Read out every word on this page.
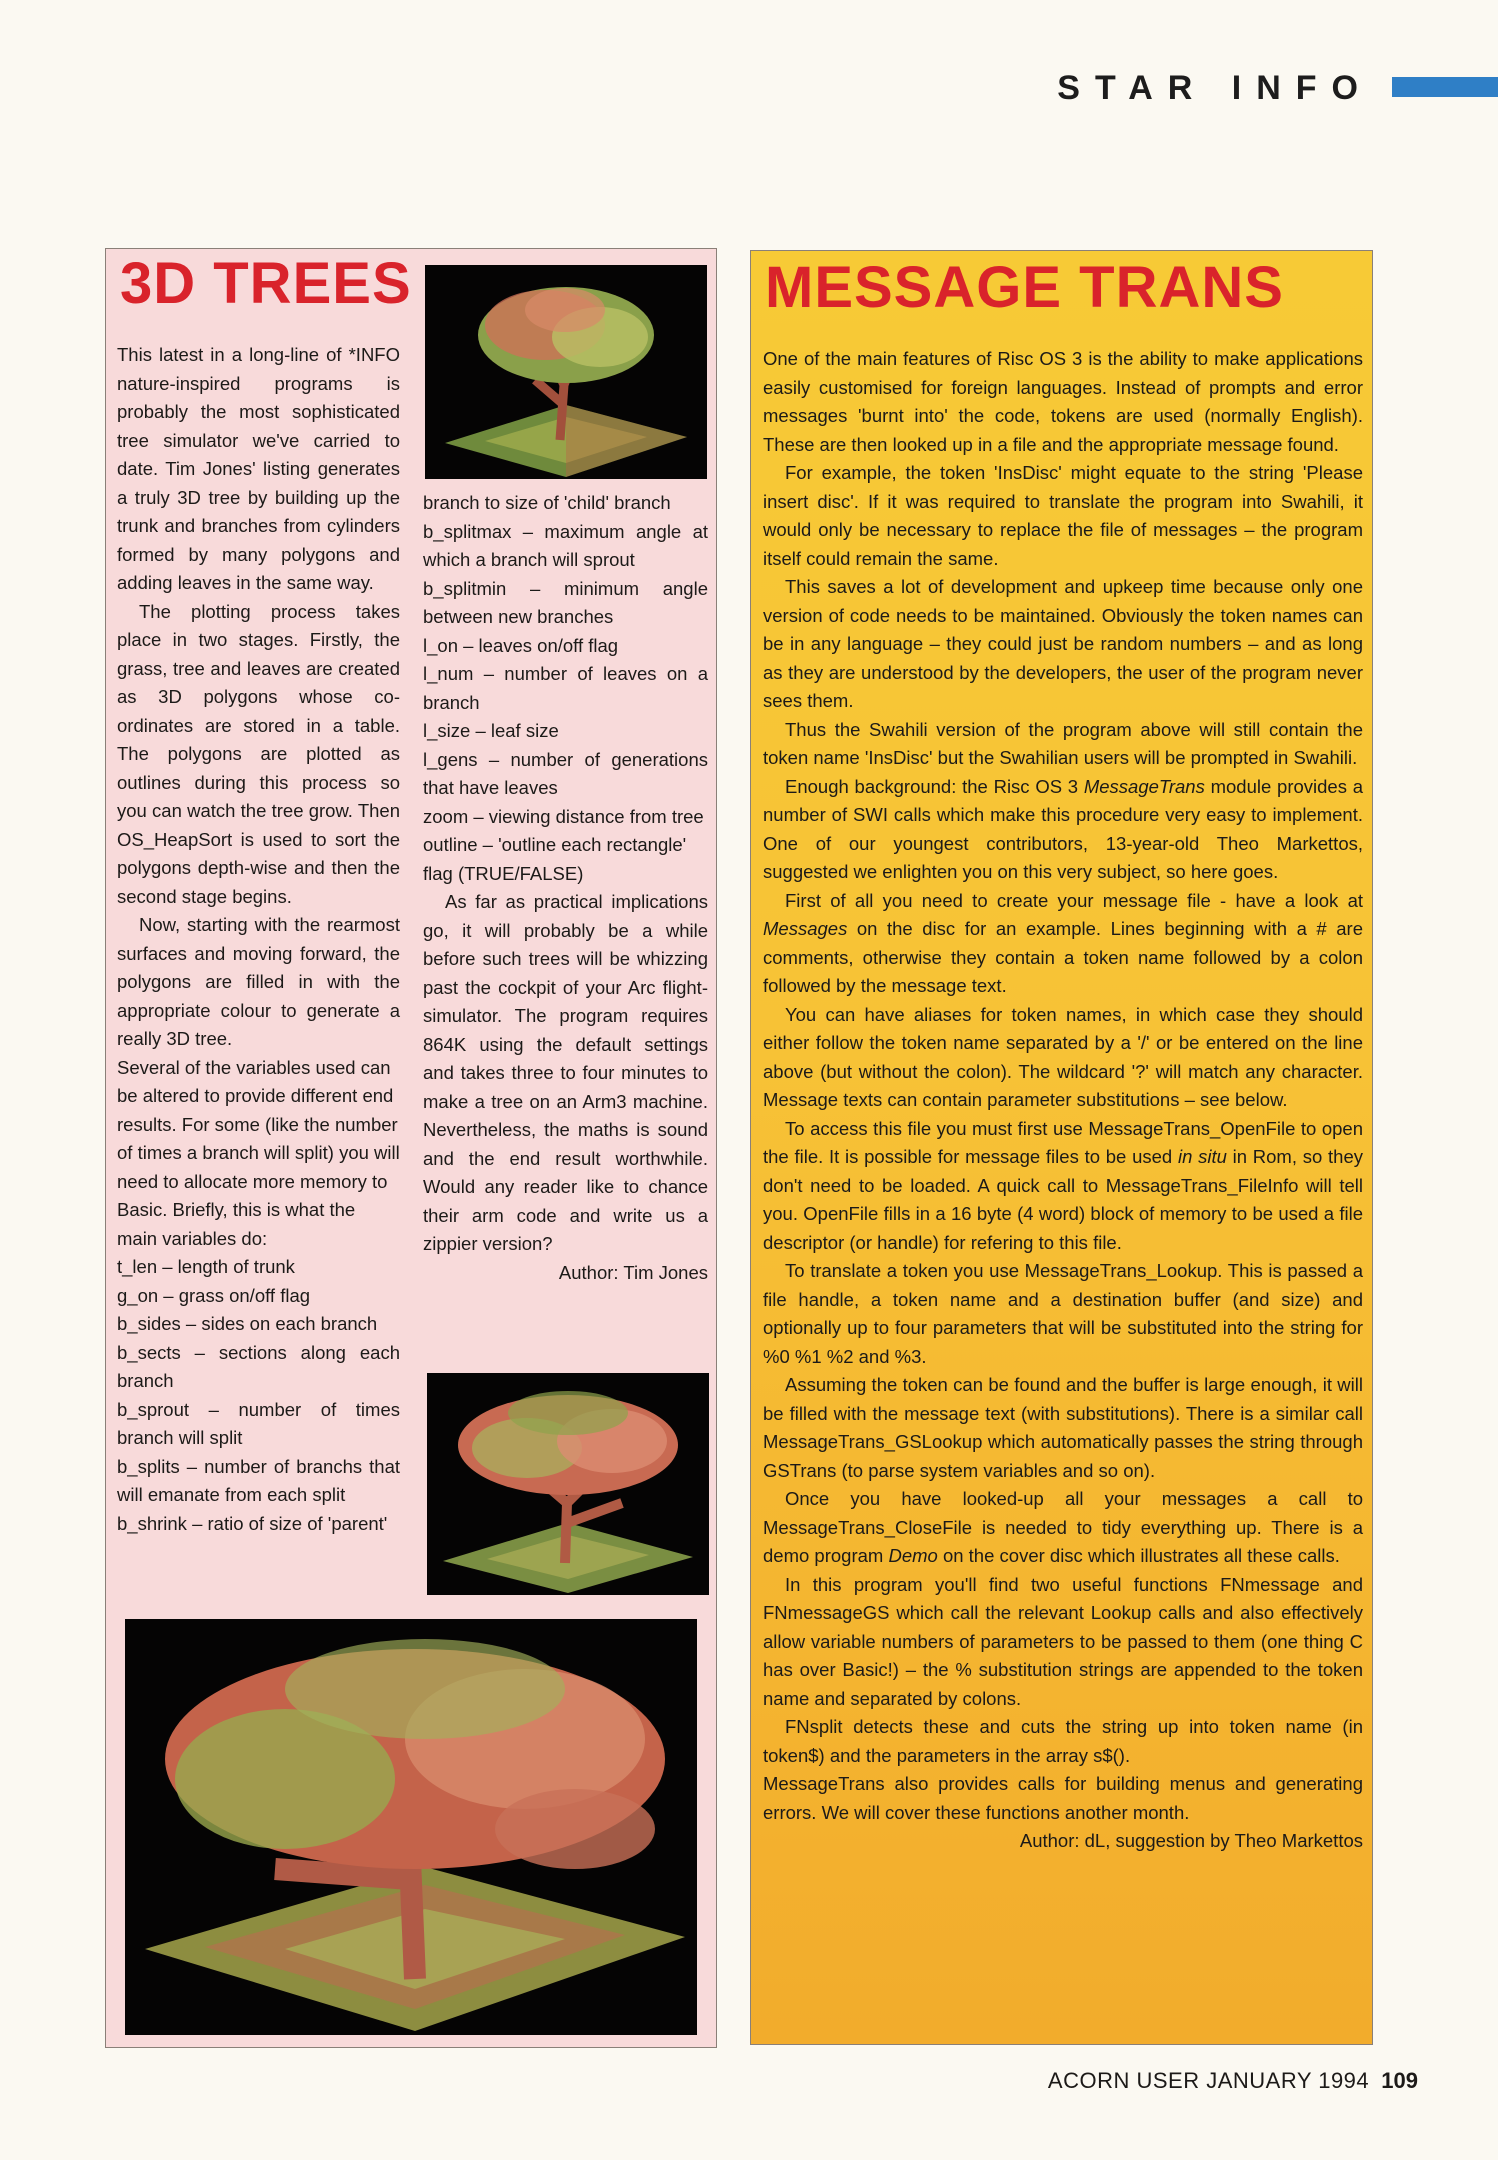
STAR INFO
3D TREES

This latest in a long-line of *INFO nature-inspired programs is probably the most sophisticated tree simulator we've carried to date. Tim Jones' listing generates a truly 3D tree by building up the trunk and branches from cylinders formed by many polygons and adding leaves in the same way.

The plotting process takes place in two stages. Firstly, the grass, tree and leaves are created as 3D polygons whose co-ordinates are stored in a table. The polygons are plotted as outlines during this process so you can watch the tree grow. Then OS_HeapSort is used to sort the polygons depth-wise and then the second stage begins.

Now, starting with the rearmost surfaces and moving forward, the polygons are filled in with the appropriate colour to generate a really 3D tree.

Several of the variables used can be altered to provide different end results. For some (like the number of times a branch will split) you will need to allocate more memory to Basic. Briefly, this is what the main variables do:

t_len – length of trunk

g_on – grass on/off flag

b_sides – sides on each branch

b_sects – sections along each branch

b_sprout – number of times branch will split

b_splits – number of branchs that will emanate from each split

b_shrink – ratio of size of 'parent'

branch to size of 'child' branch

b_splitmax – maximum angle at which a branch will sprout

b_splitmin – minimum angle between new branches

l_on – leaves on/off flag

l_num – number of leaves on a branch

l_size – leaf size

l_gens – number of generations that have leaves

zoom – viewing distance from tree

outline – 'outline each rectangle' flag (TRUE/FALSE)

As far as practical implications go, it will probably be a while before such trees will be whizzing past the cockpit of your Arc flight-simulator. The program requires 864K using the default settings and takes three to four minutes to make a tree on an Arm3 machine. Nevertheless, the maths is sound and the end result worthwhile. Would any reader like to chance their arm code and write us a zippier version?

Author: Tim Jones

MESSAGE TRANS

One of the main features of Risc OS 3 is the ability to make applications easily customised for foreign languages. Instead of prompts and error messages 'burnt into' the code, tokens are used (normally English). These are then looked up in a file and the appropriate message found.

For example, the token 'InsDisc' might equate to the string 'Please insert disc'. If it was required to translate the program into Swahili, it would only be necessary to replace the file of messages – the program itself could remain the same.

This saves a lot of development and upkeep time because only one version of code needs to be maintained. Obviously the token names can be in any language – they could just be random numbers – and as long as they are understood by the developers, the user of the program never sees them.

Thus the Swahili version of the program above will still contain the token name 'InsDisc' but the Swahilian users will be prompted in Swahili.

Enough background: the Risc OS 3 MessageTrans module provides a number of SWI calls which make this procedure very easy to implement. One of our youngest contributors, 13-year-old Theo Markettos, suggested we enlighten you on this very subject, so here goes.

First of all you need to create your message file - have a look at Messages on the disc for an example. Lines beginning with a # are comments, otherwise they contain a token name followed by a colon followed by the message text.

You can have aliases for token names, in which case they should either follow the token name separated by a '/' or be entered on the line above (but without the colon). The wildcard '?' will match any character. Message texts can contain parameter substitutions – see below.

To access this file you must first use MessageTrans_OpenFile to open the file. It is possible for message files to be used in situ in Rom, so they don't need to be loaded. A quick call to MessageTrans_FileInfo will tell you. OpenFile fills in a 16 byte (4 word) block of memory to be used a file descriptor (or handle) for refering to this file.

To translate a token you use MessageTrans_Lookup. This is passed a file handle, a token name and a destination buffer (and size) and optionally up to four parameters that will be substituted into the string for %0 %1 %2 and %3.

Assuming the token can be found and the buffer is large enough, it will be filled with the message text (with substitutions). There is a similar call MessageTrans_GSLookup which automatically passes the string through GSTrans (to parse system variables and so on).

Once you have looked-up all your messages a call to MessageTrans_CloseFile is needed to tidy everything up. There is a demo program Demo on the cover disc which illustrates all these calls.

In this program you'll find two useful functions FNmessage and FNmessageGS which call the relevant Lookup calls and also effectively allow variable numbers of parameters to be passed to them (one thing C has over Basic!) – the % substitution strings are appended to the token name and separated by colons.

FNsplit detects these and cuts the string up into token name (in token$) and the parameters in the array s$().

MessageTrans also provides calls for building menus and generating errors. We will cover these functions another month.

Author: dL, suggestion by Theo Markettos

ACORN USER JANUARY 1994 109
